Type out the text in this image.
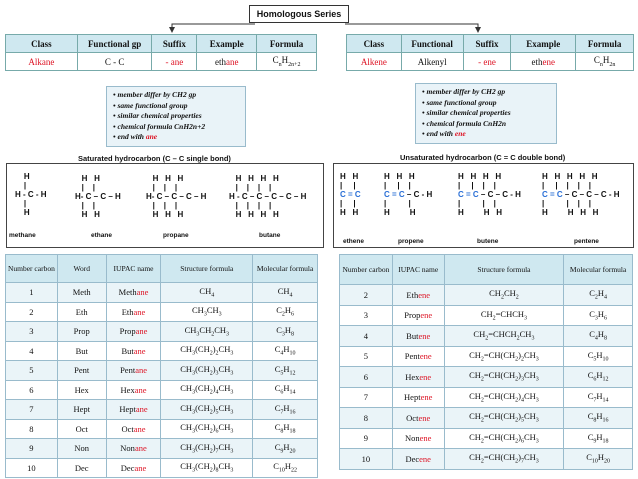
Homologous Series
Class	Functional gp	Suffix	Example	Formula
Alkane	C - C	- ane	ethane	$C_nH_{2n+2}$
Class	Functional	Suffix	Example	Formula
Alkene	Alkenyl	- ene	ethene	$C_nH_{2n}$
• member differ by CH2 gp
• same functional group
• similar chemical properties
• chemical formula CnH2n+2
• end with ane
• member differ by CH2 gp
• same functional group
• similar chemical properties
• chemical formula CnH2n
• end with ene
Saturated hydrocarbon (C – C single bond)	Unsaturated hydrocarbon (C = C double bond)
H
|
H - C - H
|
H
H   H
|    |
H- C – C – H
|    |
H   H
H   H   H
|    |    |
H- C – C – C – H
|    |    |
H   H   H
H   H   H   H
|    |    |    |
H - C – C – C – C – H
|    |    |    |
H   H   H   H
methane	ethane	propane	butane
H   H
|     |
C = C
|     |
H   H
H   H   H
|     |    |
C = C – C - H
|          |
H         H
H   H   H   H
|     |    |    |
C = C – C – C - H
|          |    |
H         H   H
H   H   H   H   H
|     |    |    |    |
C = C – C – C – C - H
|          |    |    |
H         H   H   H
ethene	propene	butene	pentene
Number carbon	Word	IUPAC name	Structure formula	Molecular formula
1	Meth	Methane	$CH_4$	$CH_4$
2	Eth	Ethane	$CH_3CH_3$	$C_2H_6$
3	Prop	Propane	$CH_3CH_2CH_3$	$C_3H_8$
4	But	Butane	$CH_3(CH_2)_2CH_3$	$C_4H_{10}$
5	Pent	Pentane	$CH_3(CH_2)_3CH_3$	$C_5H_{12}$
6	Hex	Hexane	$CH_3(CH_2)_4CH_3$	$C_6H_{14}$
7	Hept	Heptane	$CH_3(CH_2)_5CH_3$	$C_7H_{16}$
8	Oct	Octane	$CH_3(CH_2)_6CH_3$	$C_8H_{18}$
9	Non	Nonane	$CH_3(CH_2)_7CH_3$	$C_9H_{20}$
10	Dec	Decane	$CH_3(CH_2)_8CH_3$	$C_{10}H_{22}$
Number carbon	IUPAC name	Structure formula	Molecular formula
2	Ethene	$CH_2CH_2$	$C_2H_4$
3	Propene	$CH_2=CHCH_3$	$C_3H_6$
4	Butene	$CH_2=CHCH_2CH_3$	$C_4H_8$
5	Pentene	$CH_2=CH(CH_2)_2CH_3$	$C_5H_{10}$
6	Hexene	$CH_2=CH(CH_2)_3CH_3$	$C_6H_{12}$
7	Heptene	$CH_2=CH(CH_2)_4CH_3$	$C_7H_{14}$
8	Octene	$CH_2=CH(CH_2)_5CH_3$	$C_8H_{16}$
9	Nonene	$CH_2=CH(CH_2)_6CH_3$	$C_9H_{18}$
10	Decene	$CH_2=CH(CH_2)_7CH_3$	$C_{10}H_{20}$
